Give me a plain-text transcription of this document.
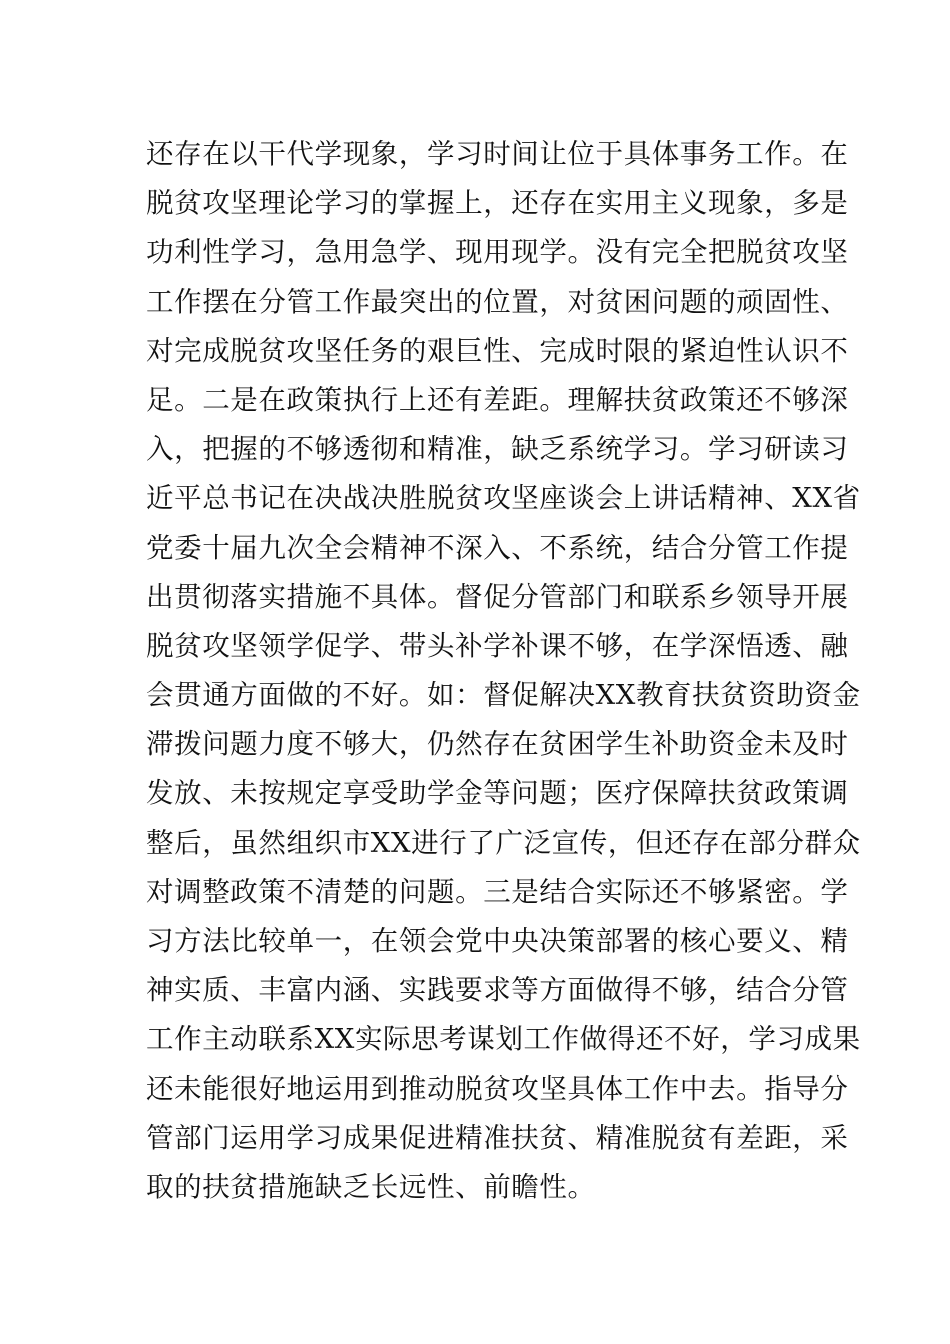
还存在以干代学现象，学习时间让位于具体事务工作。在
脱贫攻坚理论学习的掌握上，还存在实用主义现象，多是
功利性学习，急用急学、现用现学。没有完全把脱贫攻坚
工作摆在分管工作最突出的位置，对贫困问题的顽固性、
对完成脱贫攻坚任务的艰巨性、完成时限的紧迫性认识不
足。二是在政策执行上还有差距。理解扶贫政策还不够深
入，把握的不够透彻和精准，缺乏系统学习。学习研读习
近平总书记在决战决胜脱贫攻坚座谈会上讲话精神、XX省
党委十届九次全会精神不深入、不系统，结合分管工作提
出贯彻落实措施不具体。督促分管部门和联系乡领导开展
脱贫攻坚领学促学、带头补学补课不够，在学深悟透、融
会贯通方面做的不好。如：督促解决XX教育扶贫资助资金
滞拨问题力度不够大，仍然存在贫困学生补助资金未及时
发放、未按规定享受助学金等问题；医疗保障扶贫政策调
整后，虽然组织市XX进行了广泛宣传，但还存在部分群众
对调整政策不清楚的问题。三是结合实际还不够紧密。学
习方法比较单一，在领会党中央决策部署的核心要义、精
神实质、丰富内涵、实践要求等方面做得不够，结合分管
工作主动联系XX实际思考谋划工作做得还不好，学习成果
还未能很好地运用到推动脱贫攻坚具体工作中去。指导分
管部门运用学习成果促进精准扶贫、精准脱贫有差距，采
取的扶贫措施缺乏长远性、前瞻性。
